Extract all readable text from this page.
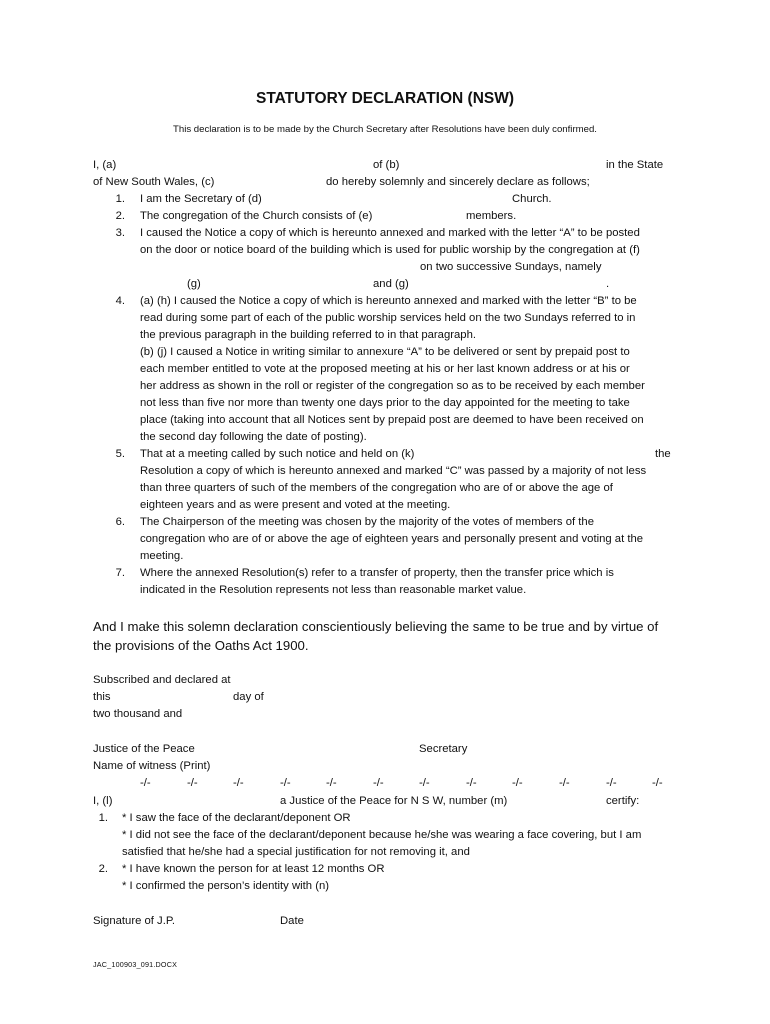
STATUTORY DECLARATION (NSW)
This declaration is to be made by the Church Secretary after Resolutions have been duly confirmed.
I, (a)	of (b)	in the State
of New South Wales, (c)	do hereby solemnly and sincerely declare as follows;
1. I am the Secretary of (d)	Church.
2. The congregation of the Church consists of (e)	members.
3. I caused the Notice a copy of which is hereunto annexed and marked with the letter “A” to be posted
on the door or notice board of the building which is used for public worship by the congregation at (f)
on two successive Sundays, namely
(g)	and (g)	.
4. (a) (h) I caused the Notice a copy of which is hereunto annexed and marked with the letter “B” to be
read during some part of each of the public worship services held on the two Sundays referred to in
the previous paragraph in the building referred to in that paragraph.
(b) (j) I caused a Notice in writing similar to annexure “A” to be delivered or sent by prepaid post to
each member entitled to vote at the proposed meeting at his or her last known address or at his or
her address as shown in the roll or register of the congregation so as to be received by each member
not less than five nor more than twenty one days prior to the day appointed for the meeting to take
place (taking into account that all Notices sent by prepaid post are deemed to have been received on
the second day following the date of posting).
5. That at a meeting called by such notice and held on (k)	the
Resolution a copy of which is hereunto annexed and marked “C” was passed by a majority of not less
than three quarters of such of the members of the congregation who are of or above the age of
eighteen years and as were present and voted at the meeting.
6. The Chairperson of the meeting was chosen by the majority of the votes of members of the
congregation who are of or above the age of eighteen years and personally present and voting at the
meeting.
7. Where the annexed Resolution(s) refer to a transfer of property, then the transfer price which is
indicated in the Resolution represents not less than reasonable market value.
And I make this solemn declaration conscientiously believing the same to be true and by virtue of
the provisions of the Oaths Act 1900.
Subscribed and declared at
this	day of
two thousand and
Justice of the Peace	Secretary
Name of witness (Print)
-/-	-/-	-/-	-/-	-/-	-/-	-/-	-/-	-/-	-/-	-/-	-/-
I, (l)	a Justice of the Peace for N S W, number (m)	certify:
1. * I saw the face of the declarant/deponent OR
* I did not see the face of the declarant/deponent because he/she was wearing a face covering, but I am
satisfied that he/she had a special justification for not removing it, and
2. * I have known the person for at least 12 months OR
* I confirmed the person’s identity with (n)
Signature of J.P.	Date
JAC_100903_091.DOCX
